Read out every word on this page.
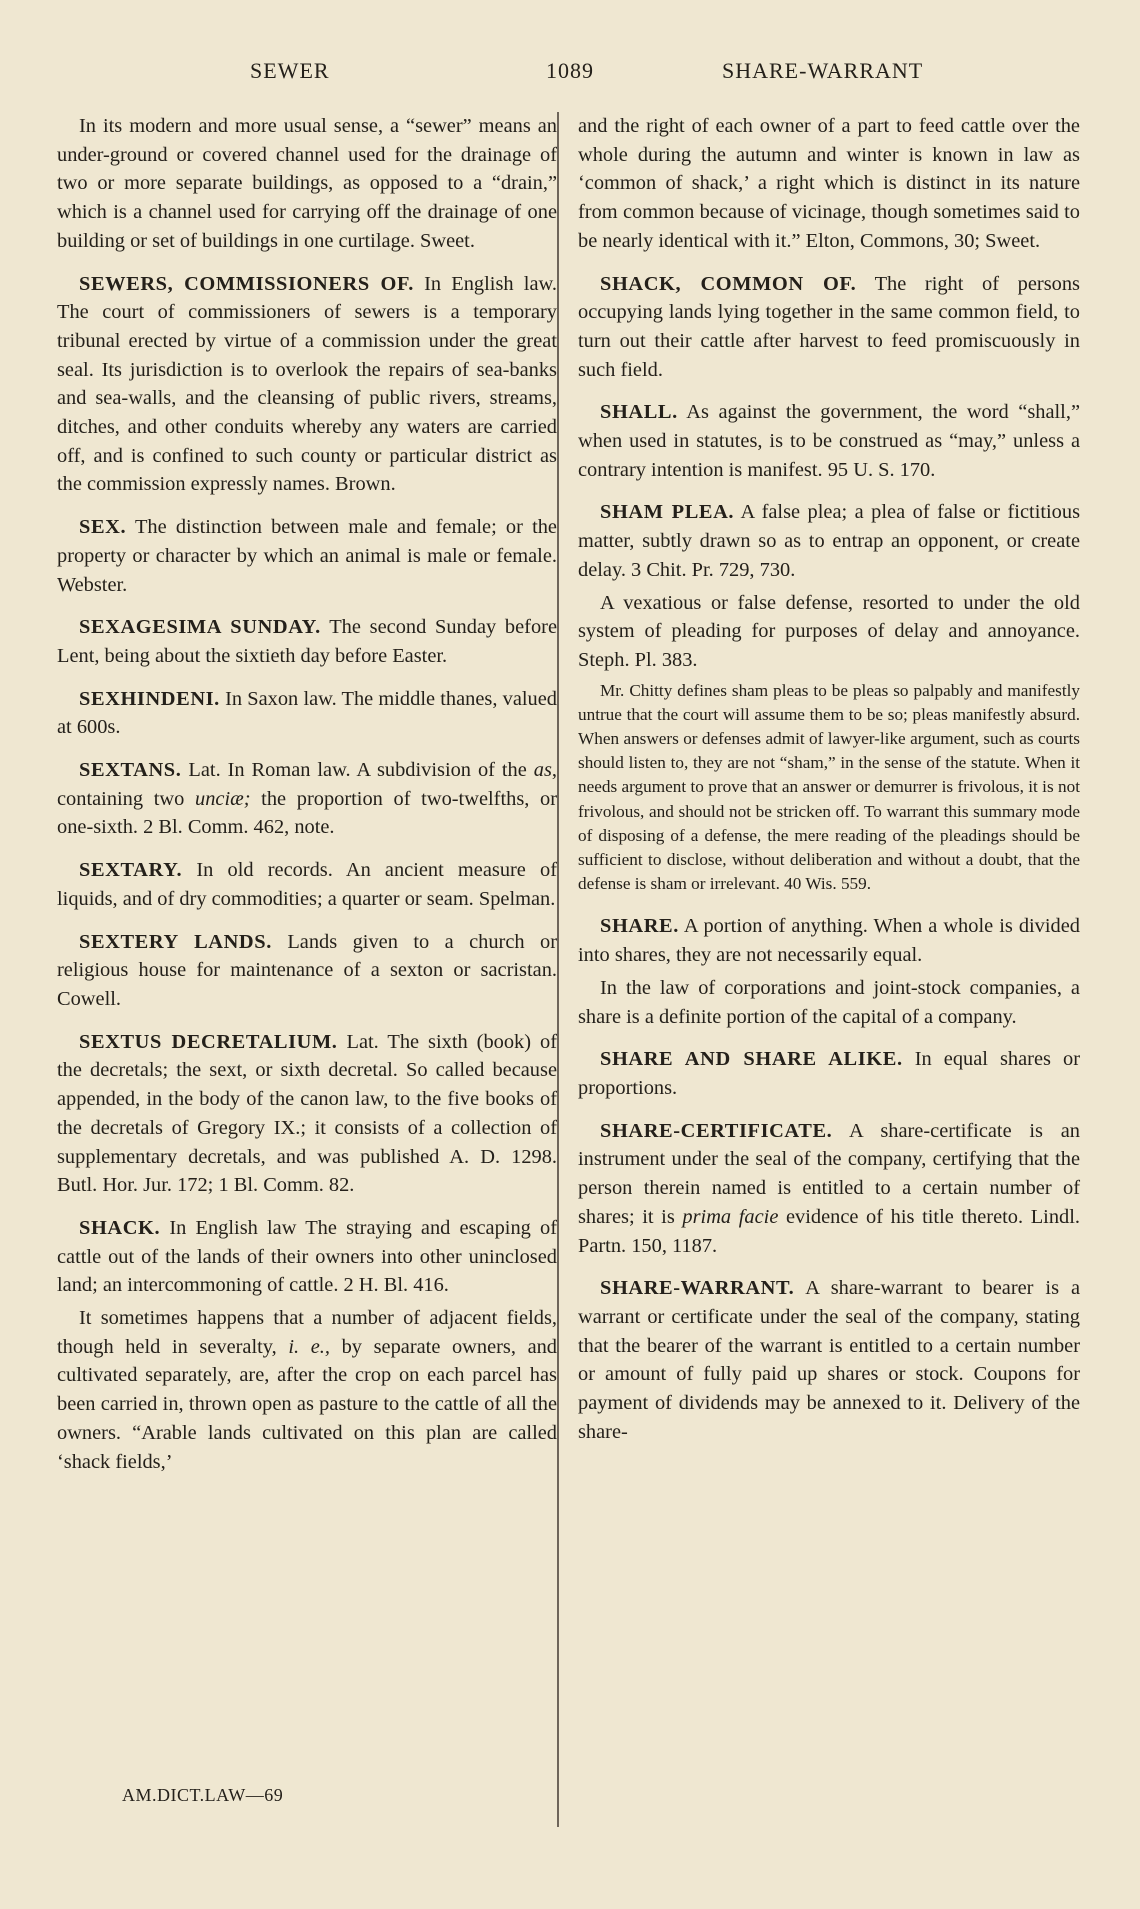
SEWER	1089	SHARE-WARRANT

In its modern and more usual sense, a “sewer” means an under-ground or covered channel used for the drainage of two or more separate buildings, as opposed to a “drain,” which is a channel used for carrying off the drainage of one building or set of buildings in one curtilage. Sweet.

SEWERS, COMMISSIONERS OF. In English law. The court of commissioners of sewers is a temporary tribunal erected by virtue of a commission under the great seal. Its jurisdiction is to overlook the repairs of sea-banks and sea-walls, and the cleansing of public rivers, streams, ditches, and other conduits whereby any waters are carried off, and is confined to such county or particular district as the commission expressly names. Brown.

SEX. The distinction between male and female; or the property or character by which an animal is male or female. Webster.

SEXAGESIMA SUNDAY. The second Sunday before Lent, being about the sixtieth day before Easter.

SEXHINDENI. In Saxon law. The middle thanes, valued at 600s.

SEXTANS. Lat. In Roman law. A subdivision of the as, containing two unciæ; the proportion of two-twelfths, or one-sixth. 2 Bl. Comm. 462, note.

SEXTARY. In old records. An ancient measure of liquids, and of dry commodities; a quarter or seam. Spelman.

SEXTERY LANDS. Lands given to a church or religious house for maintenance of a sexton or sacristan. Cowell.

SEXTUS DECRETALIUM. Lat. The sixth (book) of the decretals; the sext, or sixth decretal. So called because appended, in the body of the canon law, to the five books of the decretals of Gregory IX.; it consists of a collection of supplementary decretals, and was published A. D. 1298. Butl. Hor. Jur. 172; 1 Bl. Comm. 82.

SHACK. In English law The straying and escaping of cattle out of the lands of their owners into other uninclosed land; an intercommoning of cattle. 2 H. Bl. 416.

It sometimes happens that a number of adjacent fields, though held in severalty, i. e., by separate owners, and cultivated separately, are, after the crop on each parcel has been carried in, thrown open as pasture to the cattle of all the owners. “Arable lands cultivated on this plan are called ‘shack fields,’

and the right of each owner of a part to feed cattle over the whole during the autumn and winter is known in law as ‘common of shack,’ a right which is distinct in its nature from common because of vicinage, though sometimes said to be nearly identical with it.” Elton, Commons, 30; Sweet.

SHACK, COMMON OF. The right of persons occupying lands lying together in the same common field, to turn out their cattle after harvest to feed promiscuously in such field.

SHALL. As against the government, the word “shall,” when used in statutes, is to be construed as “may,” unless a contrary intention is manifest. 95 U. S. 170.

SHAM PLEA. A false plea; a plea of false or fictitious matter, subtly drawn so as to entrap an opponent, or create delay. 3 Chit. Pr. 729, 730.

A vexatious or false defense, resorted to under the old system of pleading for purposes of delay and annoyance. Steph. Pl. 383.

Mr. Chitty defines sham pleas to be pleas so palpably and manifestly untrue that the court will assume them to be so; pleas manifestly absurd. When answers or defenses admit of lawyer-like argument, such as courts should listen to, they are not “sham,” in the sense of the statute. When it needs argument to prove that an answer or demurrer is frivolous, it is not frivolous, and should not be stricken off. To warrant this summary mode of disposing of a defense, the mere reading of the pleadings should be sufficient to disclose, without deliberation and without a doubt, that the defense is sham or irrelevant. 40 Wis. 559.

SHARE. A portion of anything. When a whole is divided into shares, they are not necessarily equal.

In the law of corporations and joint-stock companies, a share is a definite portion of the capital of a company.

SHARE AND SHARE ALIKE. In equal shares or proportions.

SHARE-CERTIFICATE. A share-certificate is an instrument under the seal of the company, certifying that the person therein named is entitled to a certain number of shares; it is prima facie evidence of his title thereto. Lindl. Partn. 150, 1187.

SHARE-WARRANT. A share-warrant to bearer is a warrant or certificate under the seal of the company, stating that the bearer of the warrant is entitled to a certain number or amount of fully paid up shares or stock. Coupons for payment of dividends may be annexed to it. Delivery of the share-

AM.DICT.LAW—69
